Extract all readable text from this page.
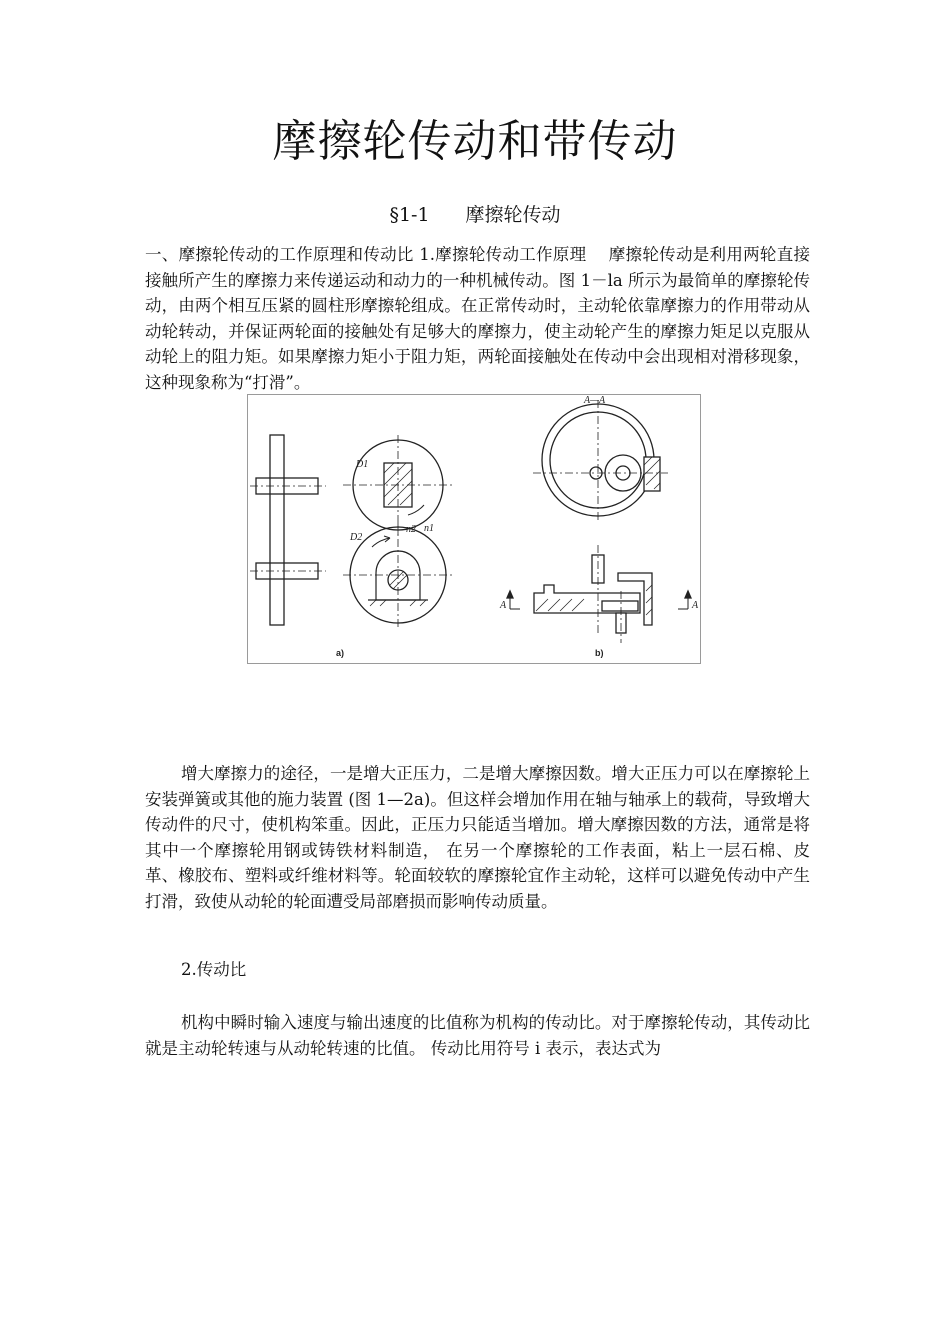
摩擦轮传动和带传动
§1-1 摩擦轮传动

一、摩擦轮传动的工作原理和传动比 1.摩擦轮传动工作原理　 摩擦轮传动是利用两轮直接接触所产生的摩擦力来传递运动和动力的一种机械传动。图 1－la 所示为最简单的摩擦轮传动，由两个相互压紧的圆柱形摩擦轮组成。在正常传动时，主动轮依靠摩擦力的作用带动从动轮转动，并保证两轮面的接触处有足够大的摩擦力，使主动轮产生的摩擦力矩足以克服从动轮上的阻力矩。如果摩擦力矩小于阻力矩，两轮面接触处在传动中会出现相对滑移现象，这种现象称为“打滑”。

D1
D2
n1
n2
A—A
A	A
a)	b)

增大摩擦力的途径，一是增大正压力，二是增大摩擦因数。增大正压力可以在摩擦轮上安装弹簧或其他的施力装置 (图 1—2a)。但这样会增加作用在轴与轴承上的载荷，导致增大传动件的尺寸，使机构笨重。因此，正压力只能适当增加。增大摩擦因数的方法，通常是将其中一个摩擦轮用钢或铸铁材料制造， 在另一个摩擦轮的工作表面，粘上一层石棉、皮革、橡胶布、塑料或纤维材料等。轮面较软的摩擦轮宜作主动轮，这样可以避免传动中产生打滑，致使从动轮的轮面遭受局部磨损而影响传动质量。

2.传动比

机构中瞬时输入速度与输出速度的比值称为机构的传动比。对于摩擦轮传动，其传动比就是主动轮转速与从动轮转速的比值。 传动比用符号 i 表示，表达式为
